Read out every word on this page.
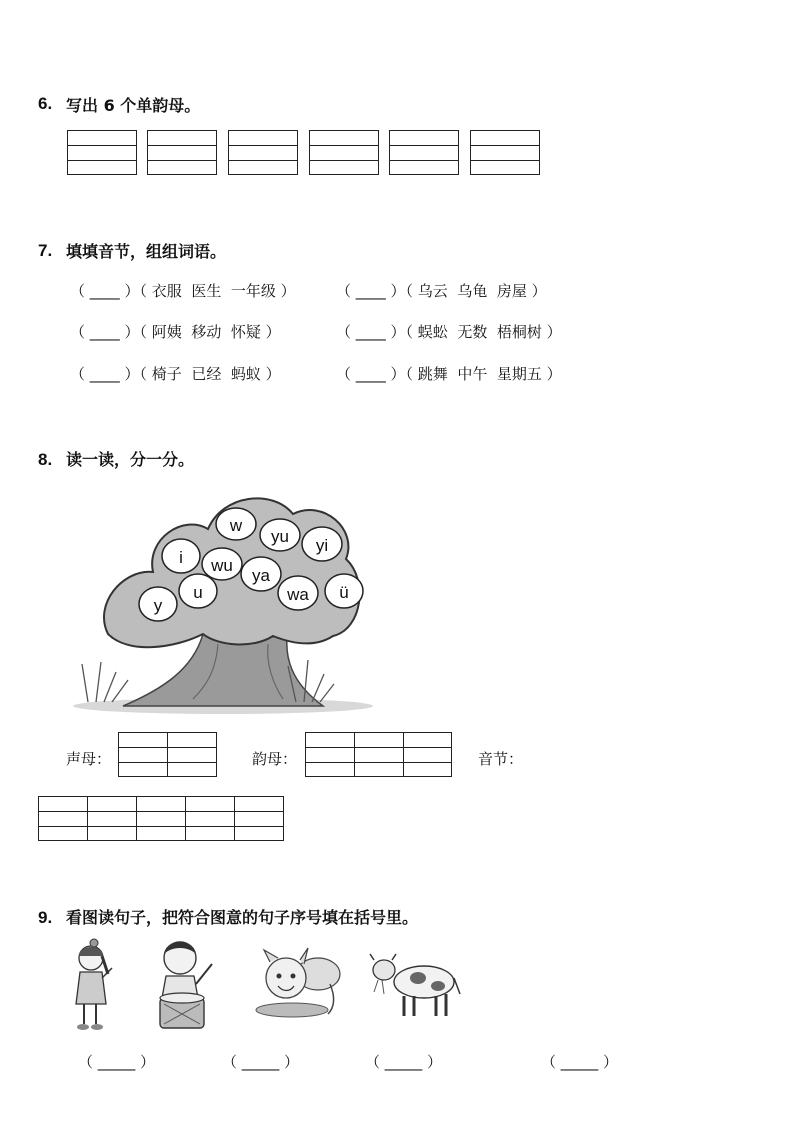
6. 写出 6 个单韵母。
7. 填填音节，组组词语。
（ ____ ）（ 衣服  医生  一年级 ）	（ ____ ）（ 乌云  乌龟  房屋 ）
（ ____ ）（ 阿姨  移动  怀疑 ）	（ ____ ）（ 蜈蚣  无数  梧桐树 ）
（ ____ ）（ 椅子  已经  蚂蚁 ）	（ ____ ）（ 跳舞  中午  星期五 ）
8. 读一读，分一分。
w
yu yi
i wu
ya
y
u	wa ü
声母：	韵母：	音节：
9. 看图读句子，把符合图意的句子序号填在括号里。
（ _____ ）	（ _____ ）	（ _____ ）	（ _____ ）
